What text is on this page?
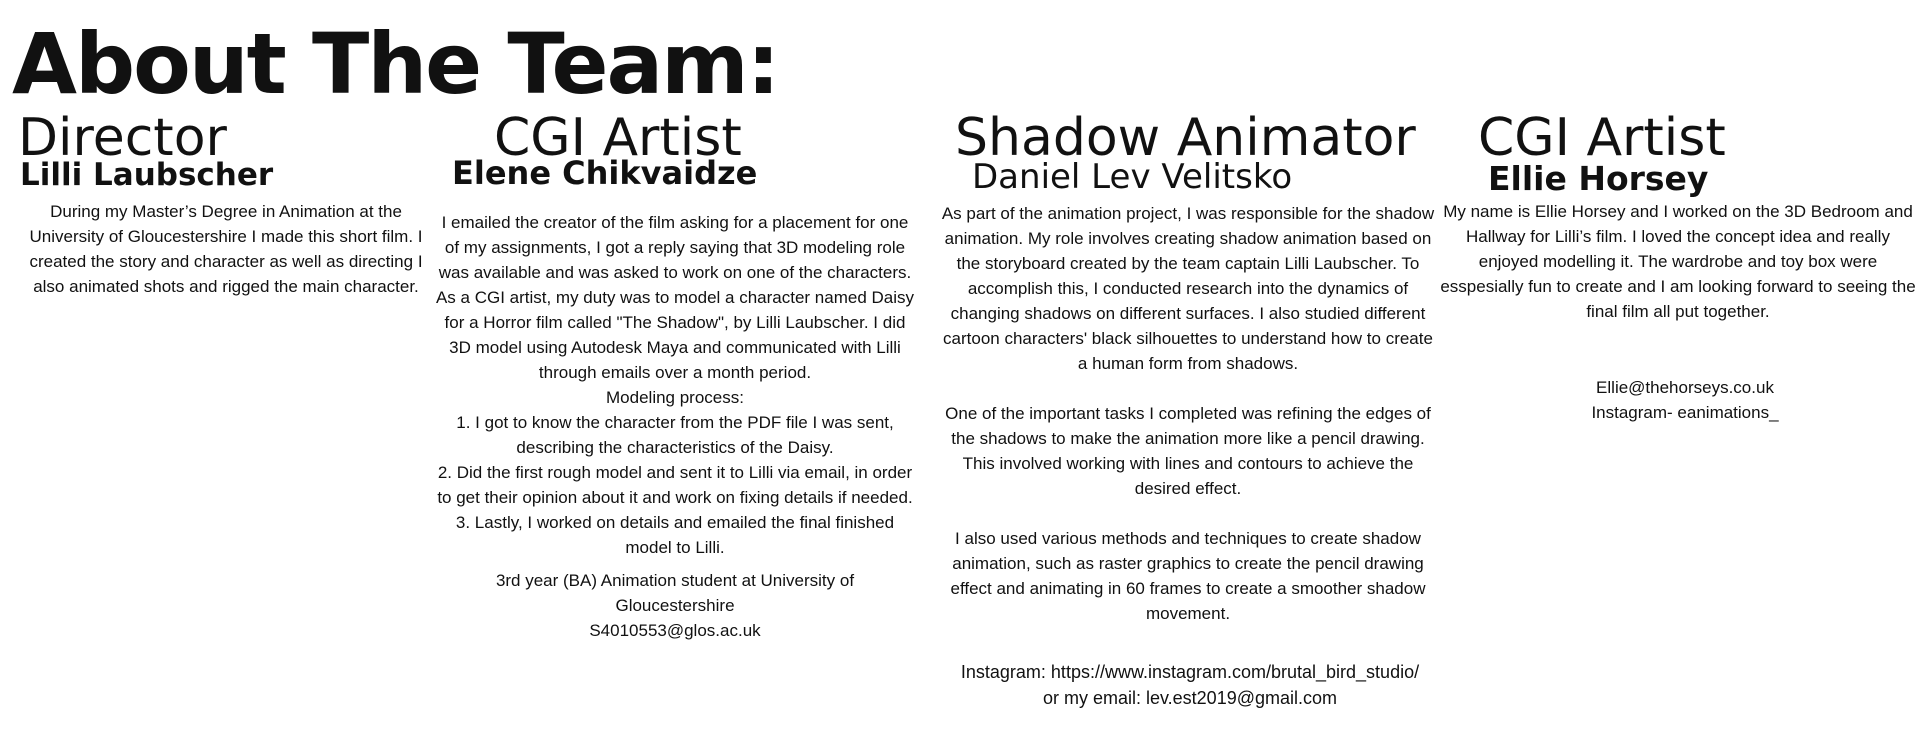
About The Team:
Director
Lilli Laubscher

During my Master’s Degree in Animation at the University of Gloucestershire I made this short film. I created the story and character as well as directing I also animated shots and rigged the main character.

CGI Artist
Elene Chikvaidze

I emailed the creator of the film asking for a placement for one of my assignments, I got a reply saying that 3D modeling role was available and was asked to work on one of the characters. As a CGI artist, my duty was to model a character named Daisy for a Horror film called "The Shadow", by Lilli Laubscher. I did 3D model using Autodesk Maya and communicated with Lilli through emails over a month period.

Modeling process:

1. I got to know the character from the PDF file I was sent, describing the characteristics of the Daisy.

2. Did the first rough model and sent it to Lilli via email, in order to get their opinion about it and work on fixing details if needed.

3. Lastly, I worked on details and emailed the final finished model to Lilli.

3rd year (BA) Animation student at University of Gloucestershire

S4010553@glos.ac.uk

Shadow Animator
Daniel Lev Velitsko

As part of the animation project, I was responsible for the shadow animation. My role involves creating shadow animation based on the storyboard created by the team captain Lilli Laubscher. To accomplish this, I conducted research into the dynamics of changing shadows on different surfaces. I also studied different cartoon characters' black silhouettes to understand how to create a human form from shadows.

One of the important tasks I completed was refining the edges of the shadows to make the animation more like a pencil drawing. This involved working with lines and contours to achieve the desired effect.

I also used various methods and techniques to create shadow animation, such as raster graphics to create the pencil drawing effect and animating in 60 frames to create a smoother shadow movement.

Instagram: https://www.instagram.com/brutal_bird_studio/

or my email: lev.est2019@gmail.com

CGI Artist
Ellie Horsey

My name is Ellie Horsey and I worked on the 3D Bedroom and Hallway for Lilli’s film. I loved the concept idea and really enjoyed modelling it. The wardrobe and toy box were esspesially fun to create and I am looking forward to seeing the final film all put together.

Ellie@thehorseys.co.uk

Instagram- eanimations_
